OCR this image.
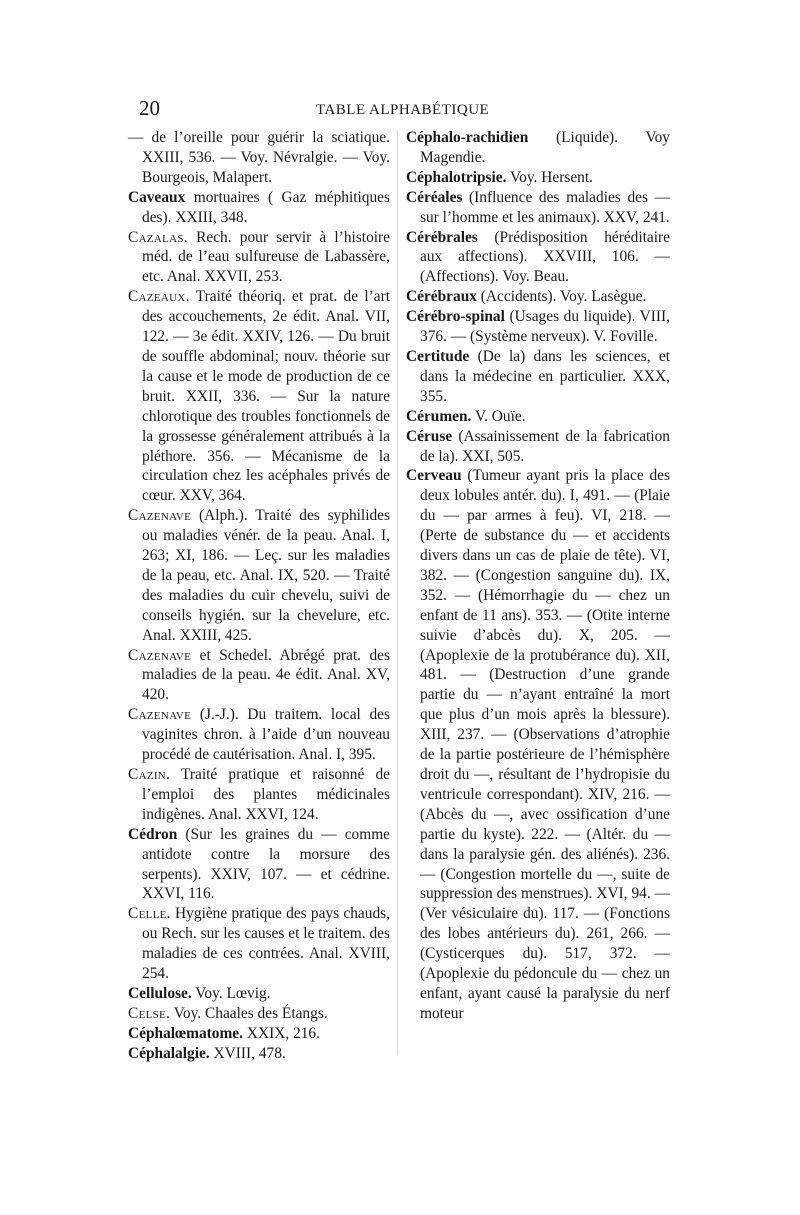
20	TABLE ALPHABÉTIQUE

— de l’oreille pour guérir la sciatique. XXIII, 536. — Voy. Névralgie. — Voy. Bourgeois, Malapert.

Caveaux mortuaires ( Gaz méphitiques des). XXIII, 348.

Cazalas. Rech. pour servir à l’histoire méd. de l’eau sulfureuse de Labassère, etc. Anal. XXVII, 253.

Cazeaux. Traité théoriq. et prat. de l’art des accouchements, 2e édit. Anal. VII, 122. — 3e édit. XXIV, 126. — Du bruit de souffle abdominal; nouv. théorie sur la cause et le mode de production de ce bruit. XXII, 336. — Sur la nature chlorotique des troubles fonctionnels de la grossesse généralement attribués à la pléthore. 356. — Mécanisme de la circulation chez les acéphales privés de cœur. XXV, 364.

Cazenave (Alph.). Traité des syphilides ou maladies vénér. de la peau. Anal. I, 263; XI, 186. — Leç. sur les maladies de la peau, etc. Anal. IX, 520. — Traité des maladies du cuir chevelu, suivi de conseils hygién. sur la chevelure, etc. Anal. XXIII, 425.

Cazenave et Schedel. Abrégé prat. des maladies de la peau. 4e édit. Anal. XV, 420.

Cazenave (J.-J.). Du traitem. local des vaginites chron. à l’aide d’un nouveau procédé de cautérisation. Anal. I, 395.

Cazin. Traité pratique et raisonné de l’emploi des plantes médicinales indigènes. Anal. XXVI, 124.

Cédron (Sur les graines du — comme antidote contre la morsure des serpents). XXIV, 107. — et cédrine. XXVI, 116.

Celle. Hygiène pratique des pays chauds, ou Rech. sur les causes et le traitem. des maladies de ces contrées. Anal. XVIII, 254.

Cellulose. Voy. Lœvig.

Celse. Voy. Chaales des Étangs.

Céphalœmatome. XXIX, 216.

Céphalalgie. XVIII, 478.

Céphalo-rachidien (Liquide). Voy Magendie.

Céphalotripsie. Voy. Hersent.

Céréales (Influence des maladies des — sur l’homme et les animaux). XXV, 241.

Cérébrales (Prédisposition héréditaire aux affections). XXVIII, 106. — (Affections). Voy. Beau.

Cérébraux (Accidents). Voy. Lasègue.

Cérébro-spinal (Usages du liquide). VIII, 376. — (Système nerveux). V. Foville.

Certitude (De la) dans les sciences, et dans la médecine en particulier. XXX, 355.

Cérumen. V. Ouïe.

Céruse (Assainissement de la fabrication de la). XXI, 505.

Cerveau (Tumeur ayant pris la place des deux lobules antér. du). I, 491. — (Plaie du — par armes à feu). VI, 218. — (Perte de substance du — et accidents divers dans un cas de plaie de tête). VI, 382. — (Congestion sanguine du). IX, 352. — (Hémorrhagie du — chez un enfant de 11 ans). 353. — (Otite interne suivie d’abcès du). X, 205. — (Apoplexie de la protubérance du). XII, 481. — (Destruction d’une grande partie du — n’ayant entraîné la mort que plus d’un mois après la blessure). XIII, 237. — (Observations d’atrophie de la partie postérieure de l’hémisphère droit du —, résultant de l’hydropisie du ventricule correspondant). XIV, 216. — (Abcès du —, avec ossification d’une partie du kyste). 222. — (Altér. du — dans la paralysie gén. des aliénés). 236. — (Congestion mortelle du —, suite de suppression des menstrues). XVI, 94. — (Ver vésiculaire du). 117. — (Fonctions des lobes antérieurs du). 261, 266. — (Cysticerques du). 517, 372. — (Apoplexie du pédoncule du — chez un enfant, ayant causé la paralysie du nerf moteur
